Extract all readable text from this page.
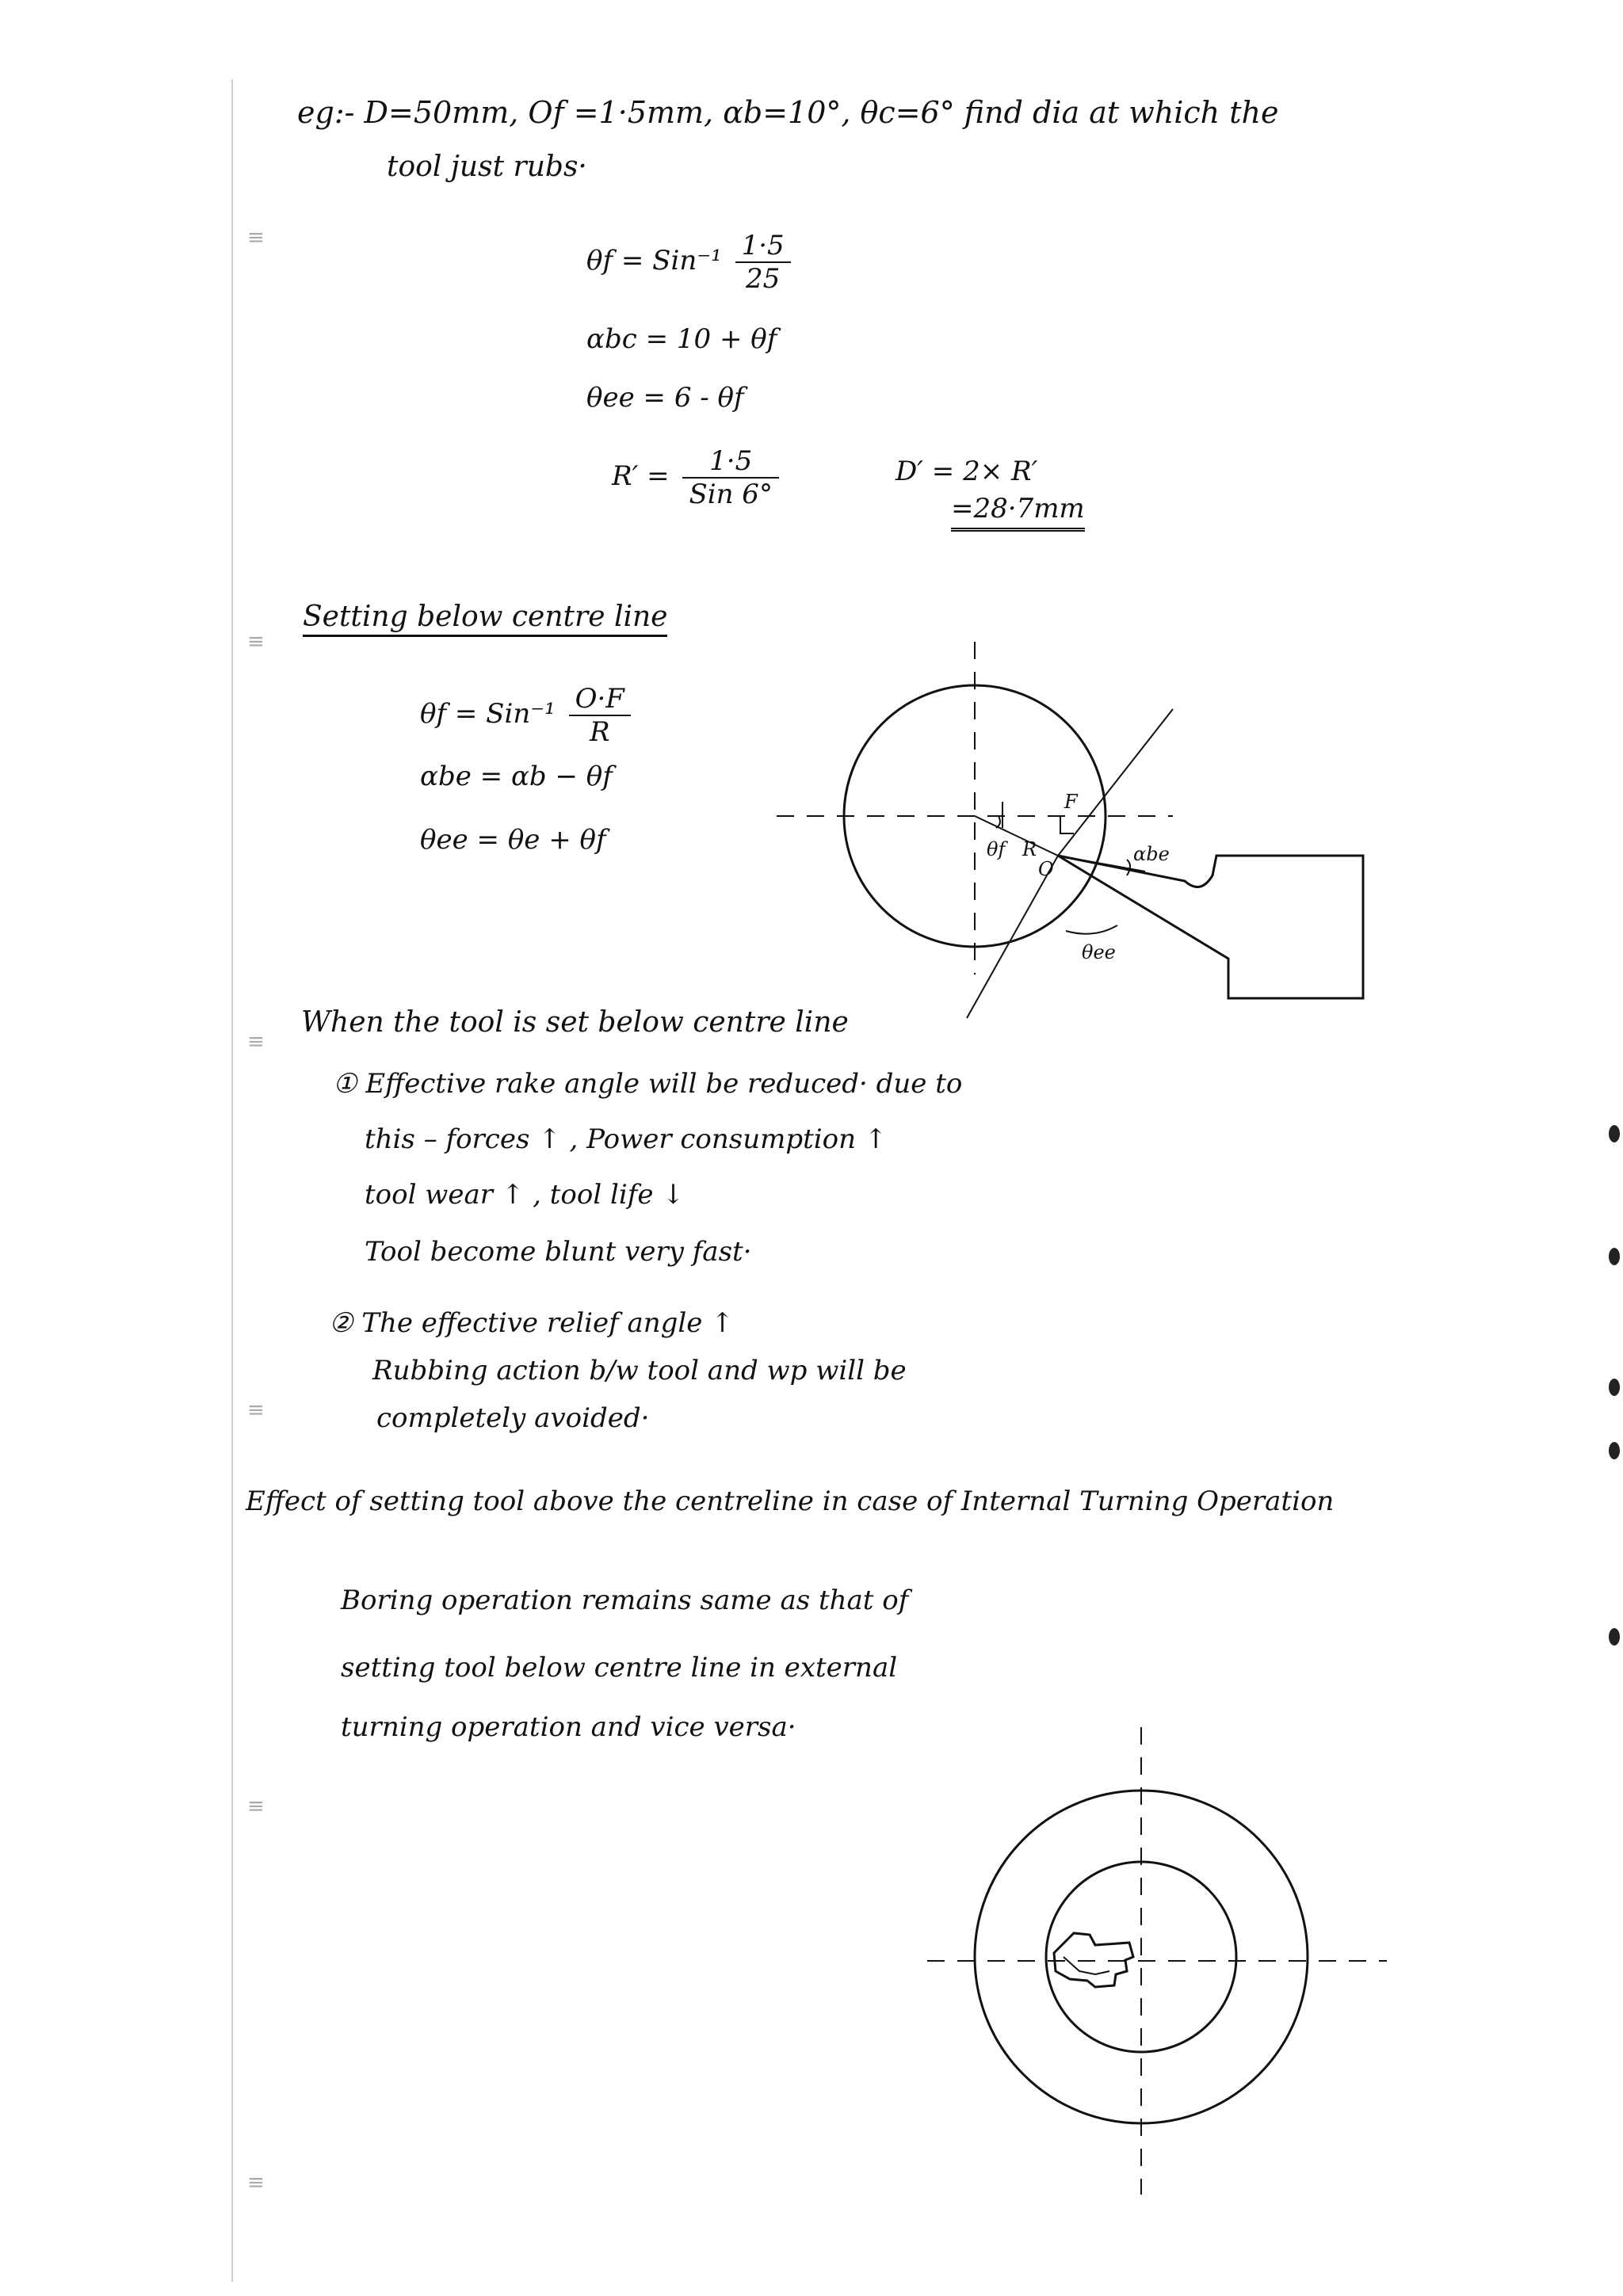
≡
≡
≡
≡
≡
≡
eg:- D=50mm, Of =1·5mm, αb=10°, θc=6° find dia at which the
tool just rubs·
$\theta f = Sin^{-1} \frac{1\cdot 5}{25}$
αbc = 10 + θf
θee = 6 - θf
$R' = \frac{1\cdot 5}{\text{Sin 6°}}$	D′ = 2× R′
=28·7mm
Setting below centre line
$\theta f = Sin^{-1} \frac{O\cdot F}{R}$
αbe = αb − θf
θee = θe + θf
F
O
R
θf	αbe
θee
When the tool is set below centre line
① Effective rake angle will be reduced· due to
this – forces ↑ , Power consumption ↑
tool wear ↑ , tool life ↓
Tool become blunt very fast·
② The effective relief angle ↑
Rubbing action b/w tool and wp will be
completely avoided·
Effect of setting tool above the centreline in case of Internal Turning Operation
Boring operation remains same as that of
setting tool below centre line in external
turning operation and vice versa·
